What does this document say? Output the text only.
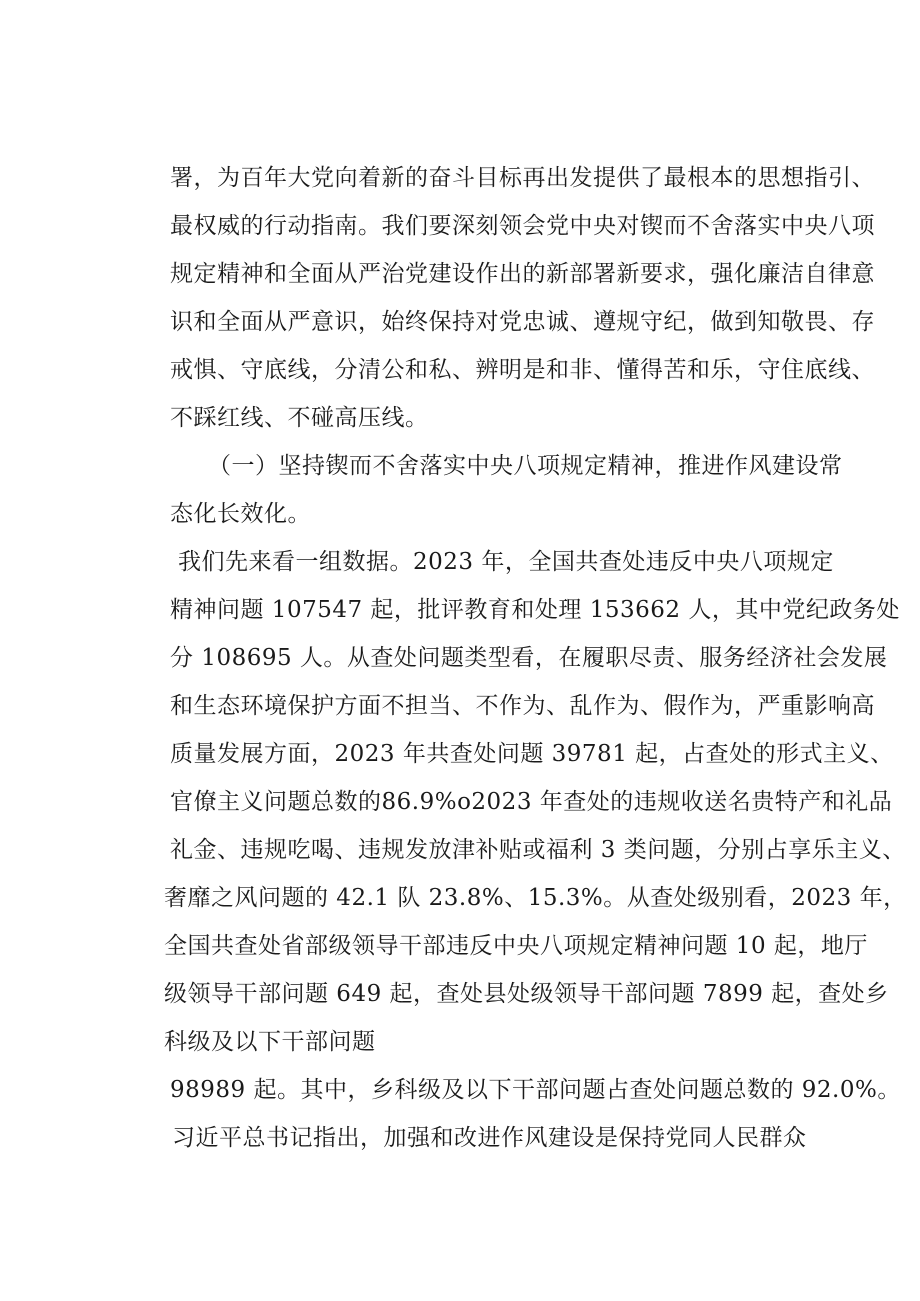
署，为百年大党向着新的奋斗目标再出发提供了最根本的思想指引、
最权威的行动指南。我们要深刻领会党中央对锲而不舍落实中央八项
规定精神和全面从严治党建设作出的新部署新要求，强化廉洁自律意
识和全面从严意识，始终保持对党忠诚、遵规守纪，做到知敬畏、存
戒惧、守底线，分清公和私、辨明是和非、懂得苦和乐，守住底线、
不踩红线、不碰高压线。

（一）坚持锲而不舍落实中央八项规定精神，推进作风建设常
态化长效化。

我们先来看一组数据。2023 年，全国共查处违反中央八项规定
精神问题 107547 起，批评教育和处理 153662 人，其中党纪政务处
分 108695 人。从查处问题类型看，在履职尽责、服务经济社会发展
和生态环境保护方面不担当、不作为、乱作为、假作为，严重影响高
质量发展方面，2023 年共查处问题 39781 起，占查处的形式主义、
官僚主义问题总数的86.9%o2023 年查处的违规收送名贵特产和礼品
礼金、违规吃喝、违规发放津补贴或福利 3 类问题，分别占享乐主义、
奢靡之风问题的 42.1 队 23.8%、15.3%。从查处级别看，2023 年，
全国共查处省部级领导干部违反中央八项规定精神问题 10 起，地厅
级领导干部问题 649 起，查处县处级领导干部问题 7899 起，查处乡
科级及以下干部问题

98989 起。其中，乡科级及以下干部问题占查处问题总数的 92.0%。

习近平总书记指出，加强和改进作风建设是保持党同人民群众
